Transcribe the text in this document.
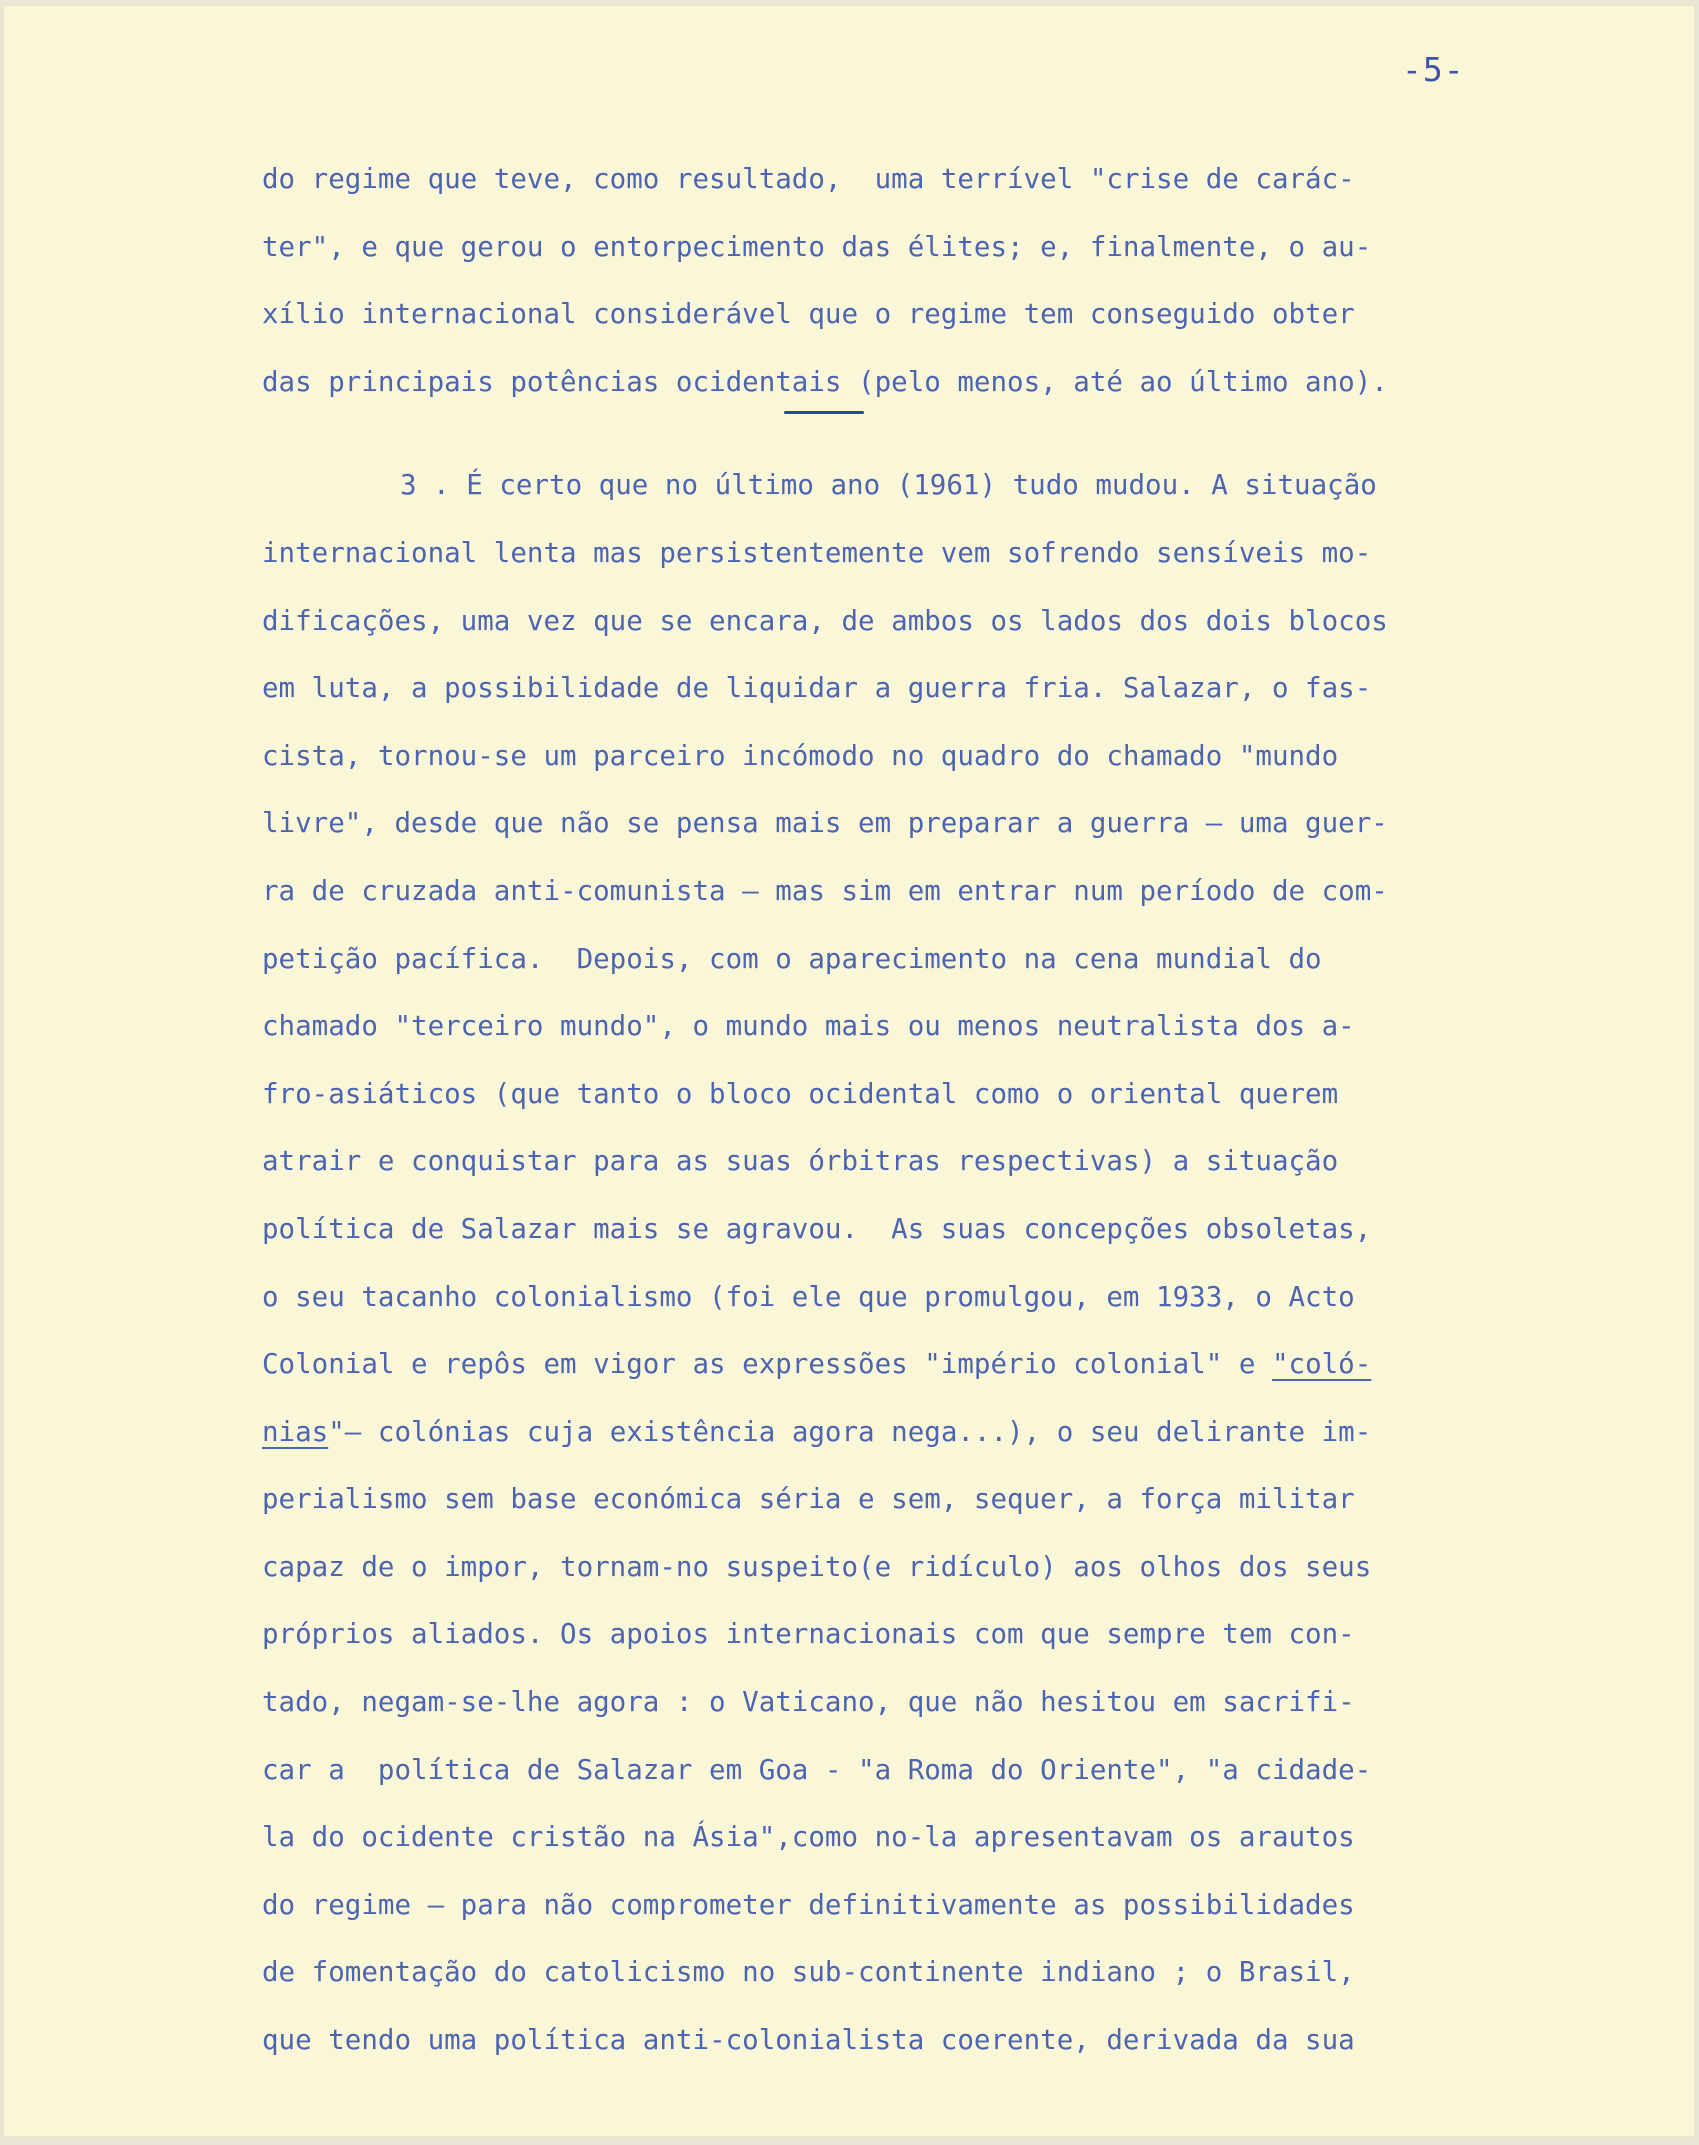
-5-
do regime que teve, como resultado,  uma terrível "crise de carác-
ter", e que gerou o entorpecimento das élites; e, finalmente, o au-
xílio internacional considerável que o regime tem conseguido obter
das principais potências ocidentais (pelo menos, até ao último ano).
3 . É certo que no último ano (1961) tudo mudou. A situação
internacional lenta mas persistentemente vem sofrendo sensíveis mo-
dificações, uma vez que se encara, de ambos os lados dos dois blocos
em luta, a possibilidade de liquidar a guerra fria. Salazar, o fas-
cista, tornou-se um parceiro incómodo no quadro do chamado "mundo
livre", desde que não se pensa mais em preparar a guerra — uma guer-
ra de cruzada anti-comunista — mas sim em entrar num período de com-
petição pacífica.  Depois, com o aparecimento na cena mundial do
chamado "terceiro mundo", o mundo mais ou menos neutralista dos a-
fro-asiáticos (que tanto o bloco ocidental como o oriental querem
atrair e conquistar para as suas órbitras respectivas) a situação
política de Salazar mais se agravou.  As suas concepções obsoletas,
o seu tacanho colonialismo (foi ele que promulgou, em 1933, o Acto
Colonial e repôs em vigor as expressões "império colonial" e "coló-
nias"— colónias cuja existência agora nega...), o seu delirante im-
perialismo sem base económica séria e sem, sequer, a força militar
capaz de o impor, tornam-no suspeito(e ridículo) aos olhos dos seus
próprios aliados. Os apoios internacionais com que sempre tem con-
tado, negam-se-lhe agora : o Vaticano, que não hesitou em sacrifi-
car a  política de Salazar em Goa - "a Roma do Oriente", "a cidade-
la do ocidente cristão na Ásia",como no-la apresentavam os arautos
do regime — para não comprometer definitivamente as possibilidades
de fomentação do catolicismo no sub-continente indiano ; o Brasil,
que tendo uma política anti-colonialista coerente, derivada da sua
